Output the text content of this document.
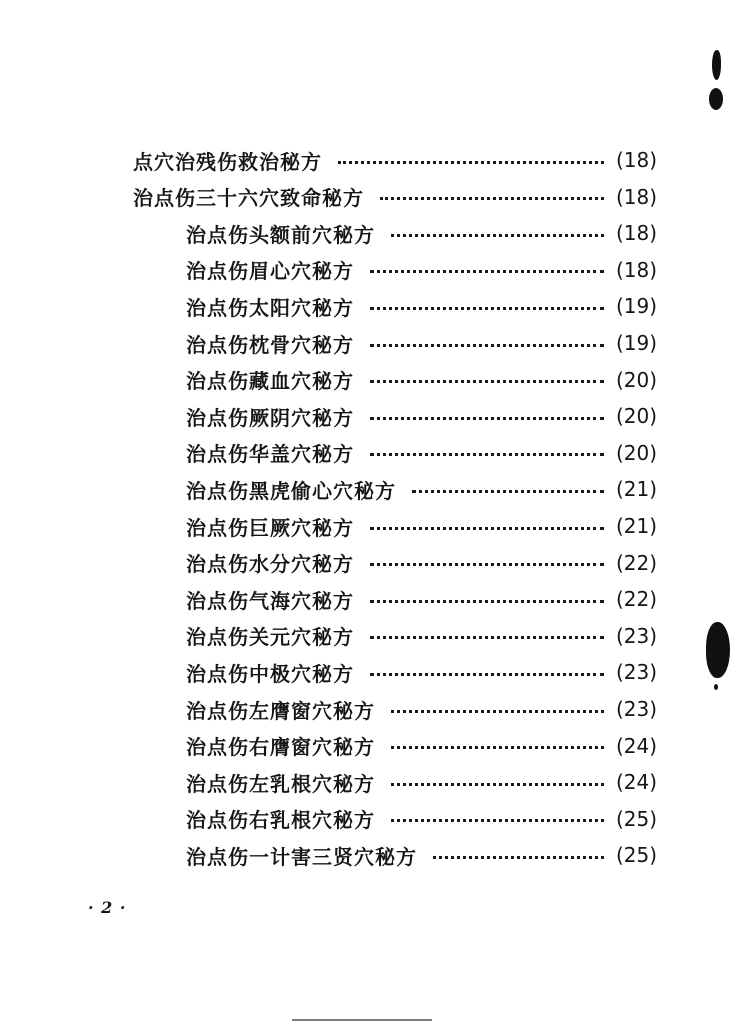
点穴治残伤救治秘方	(18)
治点伤三十六穴致命秘方	(18)
治点伤头额前穴秘方	(18)
治点伤眉心穴秘方	(18)
治点伤太阳穴秘方	(19)
治点伤枕骨穴秘方	(19)
治点伤藏血穴秘方	(20)
治点伤厥阴穴秘方	(20)
治点伤华盖穴秘方	(20)
治点伤黑虎偷心穴秘方	(21)
治点伤巨厥穴秘方	(21)
治点伤水分穴秘方	(22)
治点伤气海穴秘方	(22)
治点伤关元穴秘方	(23)
治点伤中极穴秘方	(23)
治点伤左膺窗穴秘方	(23)
治点伤右膺窗穴秘方	(24)
治点伤左乳根穴秘方	(24)
治点伤右乳根穴秘方	(25)
治点伤一计害三贤穴秘方	(25)
· 2 ·
